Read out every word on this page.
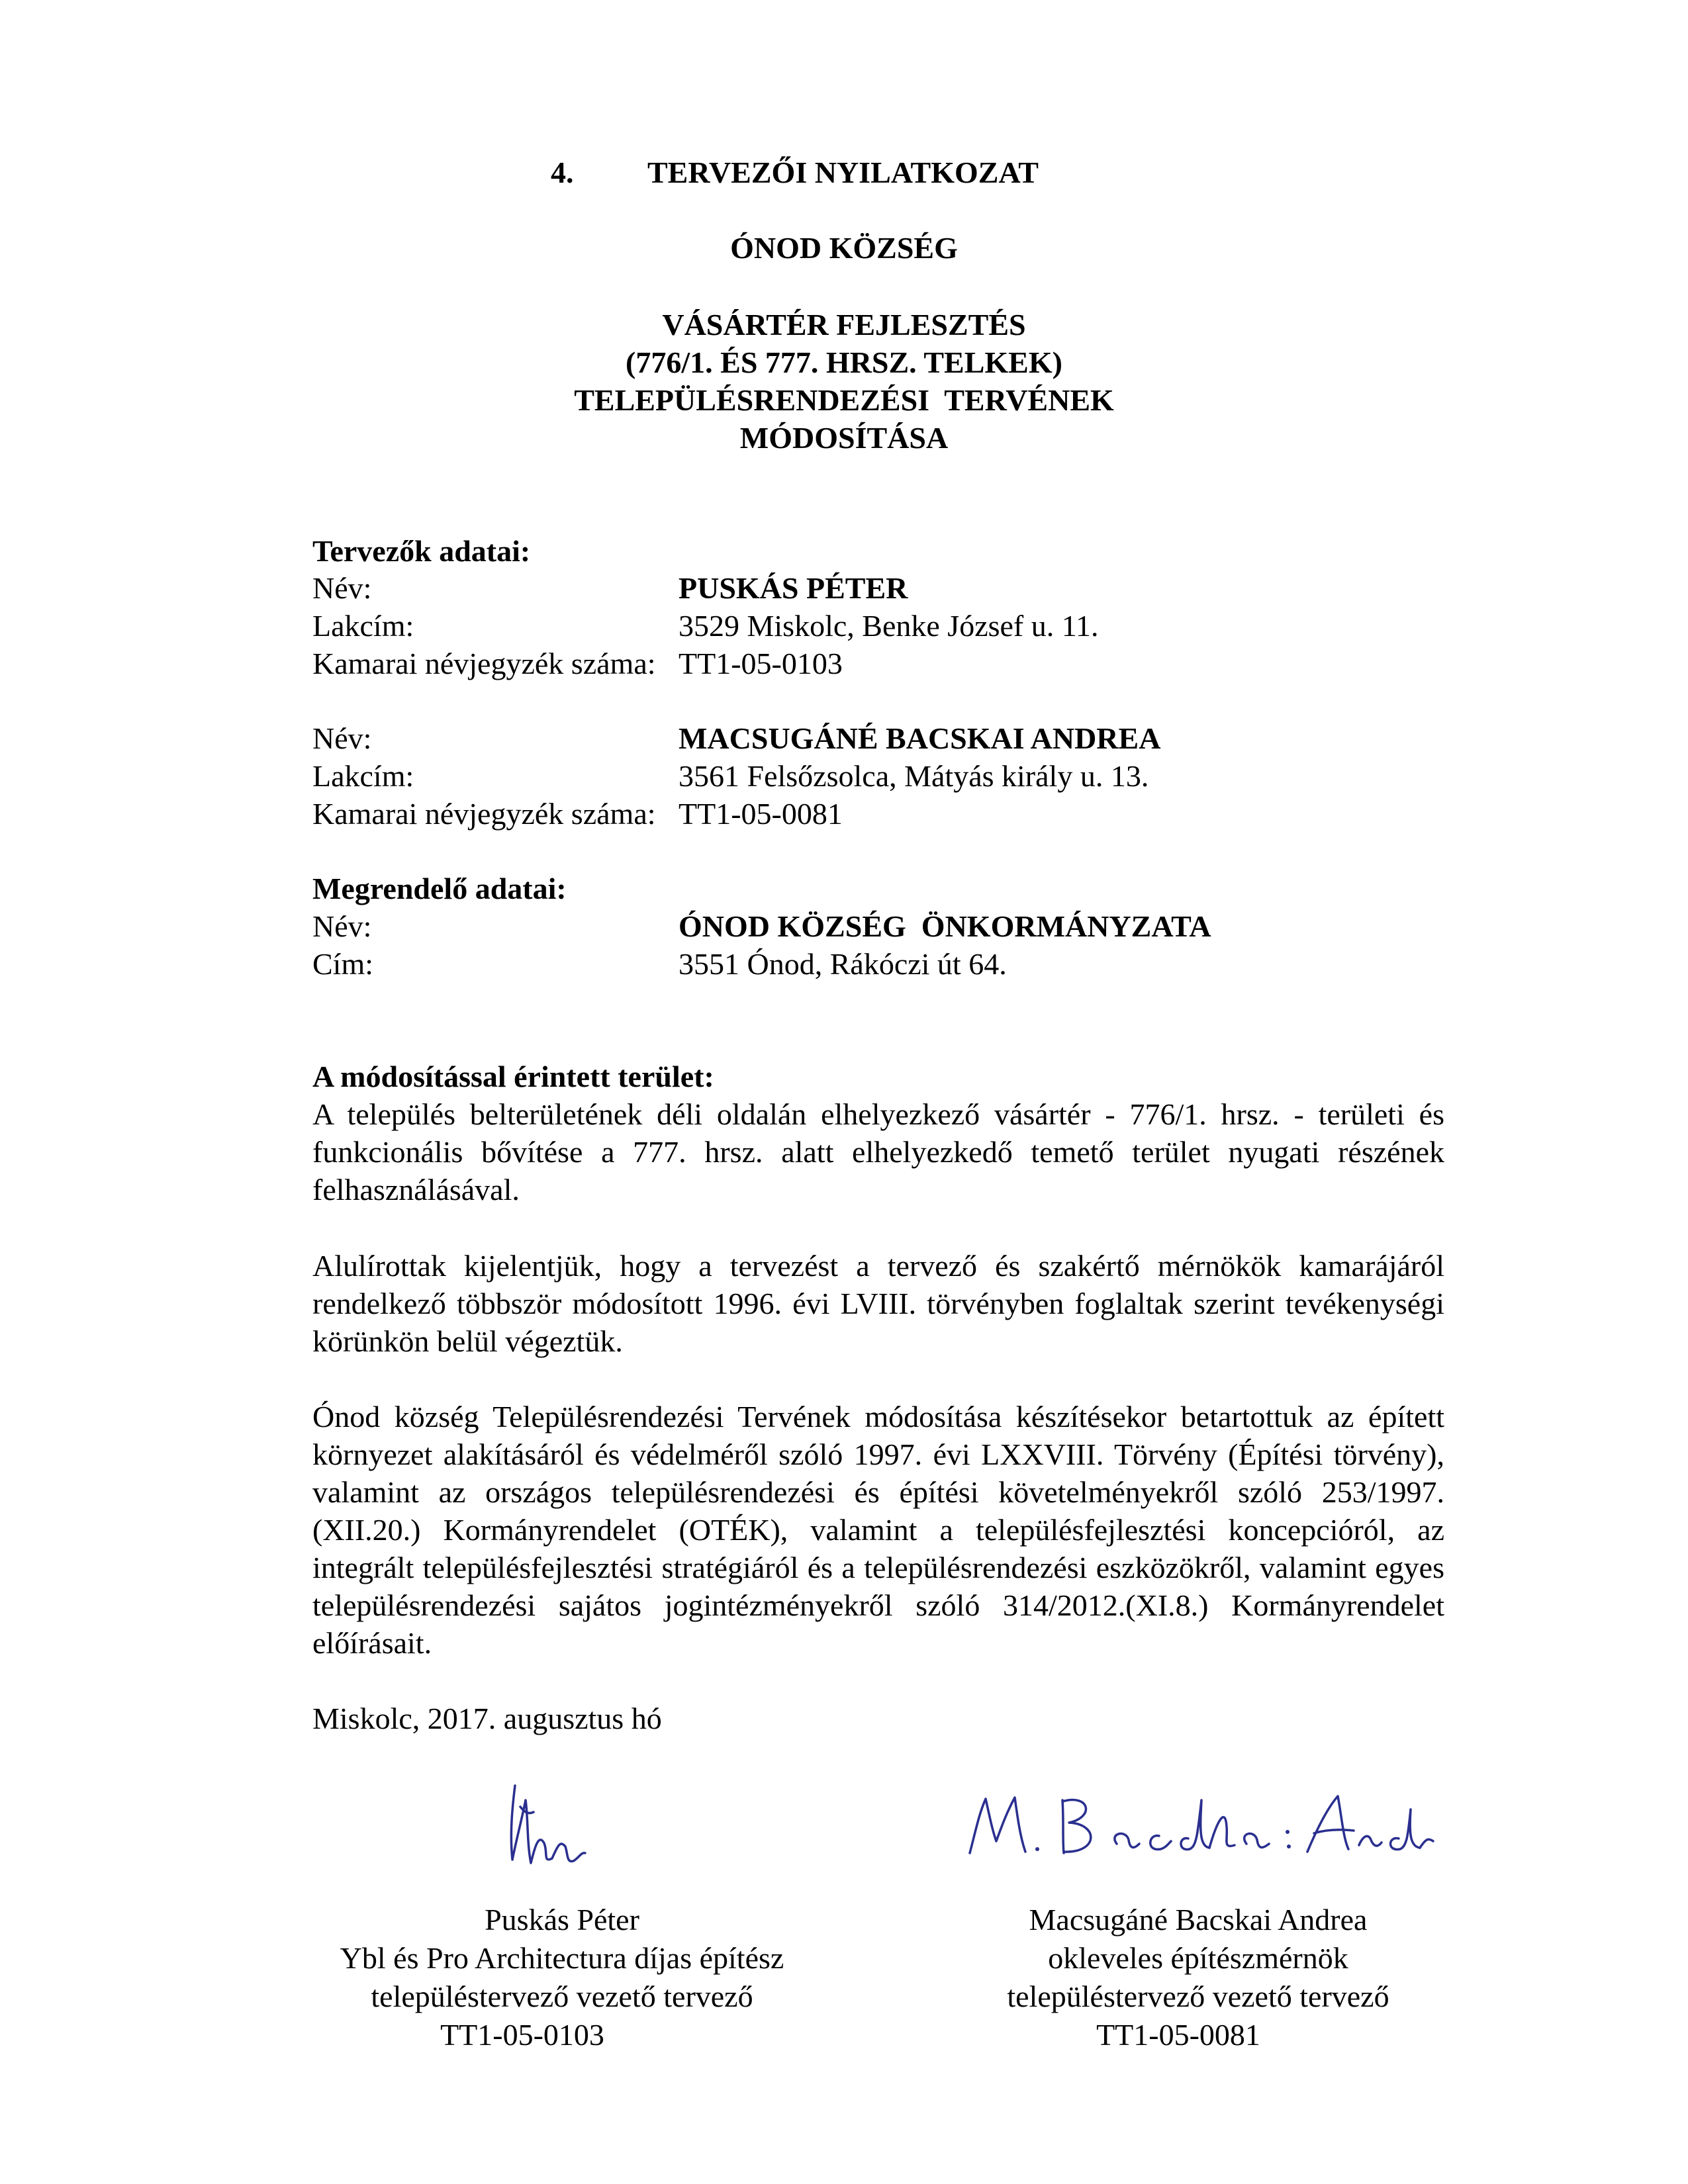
4. TERVEZŐI NYILATKOZAT
ÓNOD KÖZSÉG
VÁSÁRTÉR FEJLESZTÉS
(776/1. ÉS 777. HRSZ. TELKEK)
TELEPÜLÉSRENDEZÉSI  TERVÉNEK
MÓDOSÍTÁSA
Tervezők adatai:
Név:	PUSKÁS PÉTER
Lakcím:	3529 Miskolc, Benke József u. 11.
Kamarai névjegyzék száma: TT1-05-0103
Név:	MACSUGÁNÉ BACSKAI ANDREA
Lakcím:	3561 Felsőzsolca, Mátyás király u. 13.
Kamarai névjegyzék száma: TT1-05-0081
Megrendelő adatai:
Név:	ÓNOD KÖZSÉG  ÖNKORMÁNYZATA
Cím:	3551 Ónod, Rákóczi út 64.
A módosítással érintett terület:
A település belterületének déli oldalán elhelyezkező vásártér - 776/1. hrsz. - területi és funkcionális bővítése a 777. hrsz. alatt elhelyezkedő temető terület nyugati részének felhasználásával.
Alulírottak kijelentjük, hogy a tervezést a tervező és szakértő mérnökök kamarájáról rendelkező többször módosított 1996. évi LVIII. törvényben foglaltak szerint tevékenységi körünkön belül végeztük.
Ónod község Településrendezési Tervének módosítása készítésekor betartottuk az épített környezet alakításáról és védelméről szóló 1997. évi LXXVIII. Törvény (Építési törvény), valamint az országos településrendezési és építési követelményekről szóló 253/1997.(XII.20.) Kormányrendelet (OTÉK), valamint a településfejlesztési koncepcióról, az integrált településfejlesztési stratégiáról és a településrendezési eszközökről, valamint egyes településrendezési sajátos jogintézményekről szóló 314/2012.(XI.8.) Kormányrendelet előírásait.
Miskolc, 2017. augusztus hó
Puskás Péter
Ybl és Pro Architectura díjas építész
településtervező vezető tervező
TT1-05-0103
Macsugáné Bacskai Andrea
okleveles építészmérnök
településtervező vezető tervező
TT1-05-0081
